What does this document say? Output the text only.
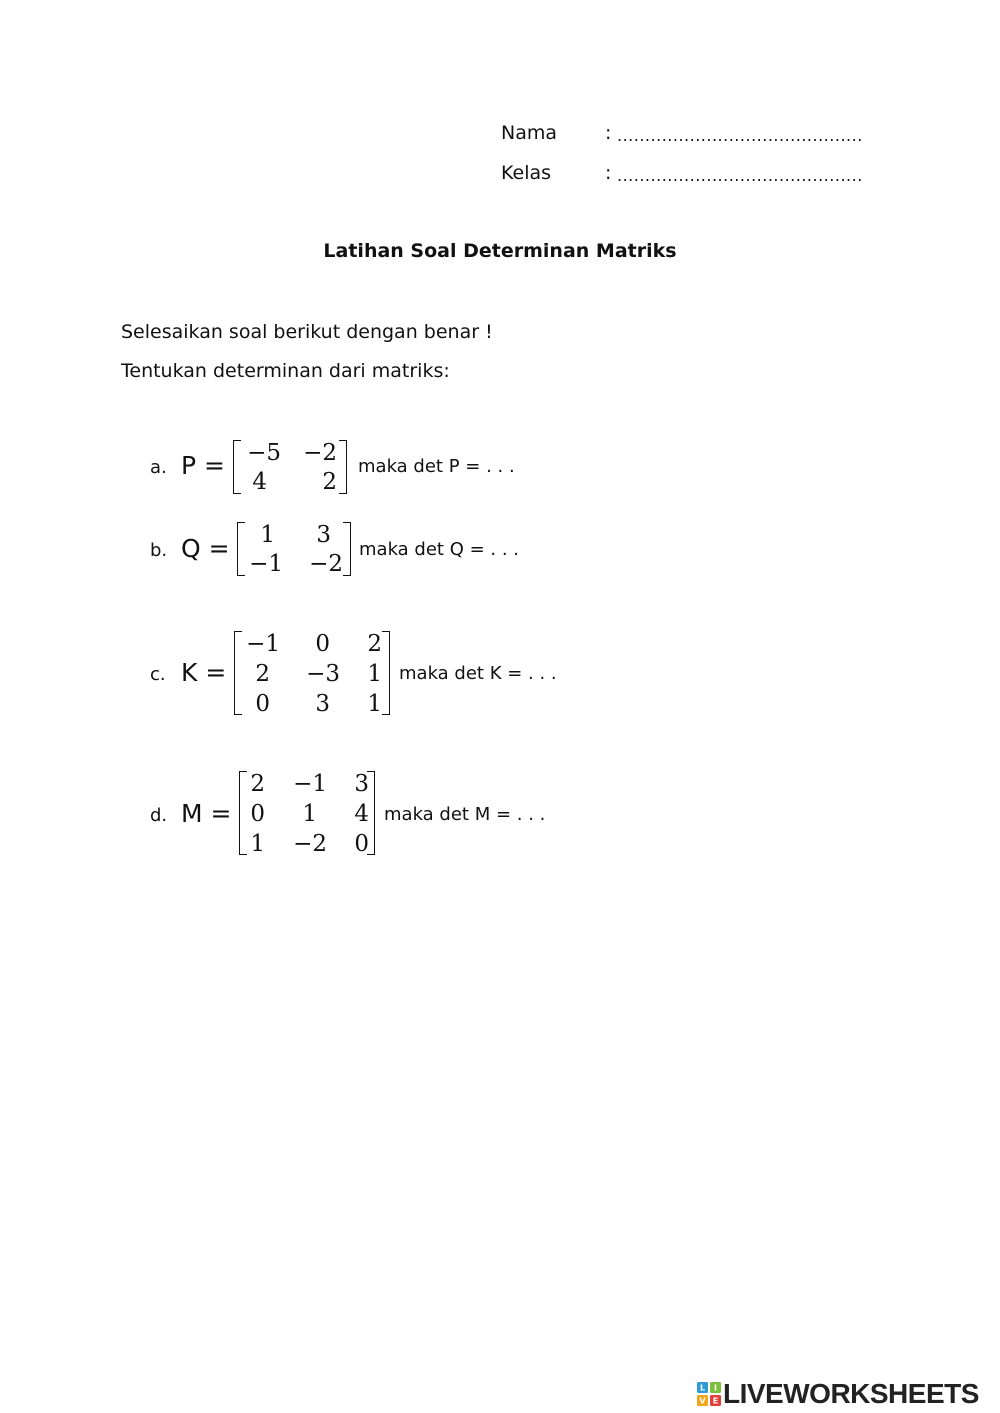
Nama	: ............................................
Kelas	: ............................................
Latihan Soal Determinan Matriks
Selesaikan soal berikut dengan benar !
Tentukan determinan dari matriks:
a. P = −5 −2
4	2
maka det P = . . .
b. Q =	1	3
−1 −2
maka det Q = . . .
c. K =
−1	0	2
2 −3	1
0	3	1
maka det K = . . .
d. M =
2 −1	3
0	1	4
1 −2	0
maka det M = . . .
L I
V E LIVEWORKSHEETS
